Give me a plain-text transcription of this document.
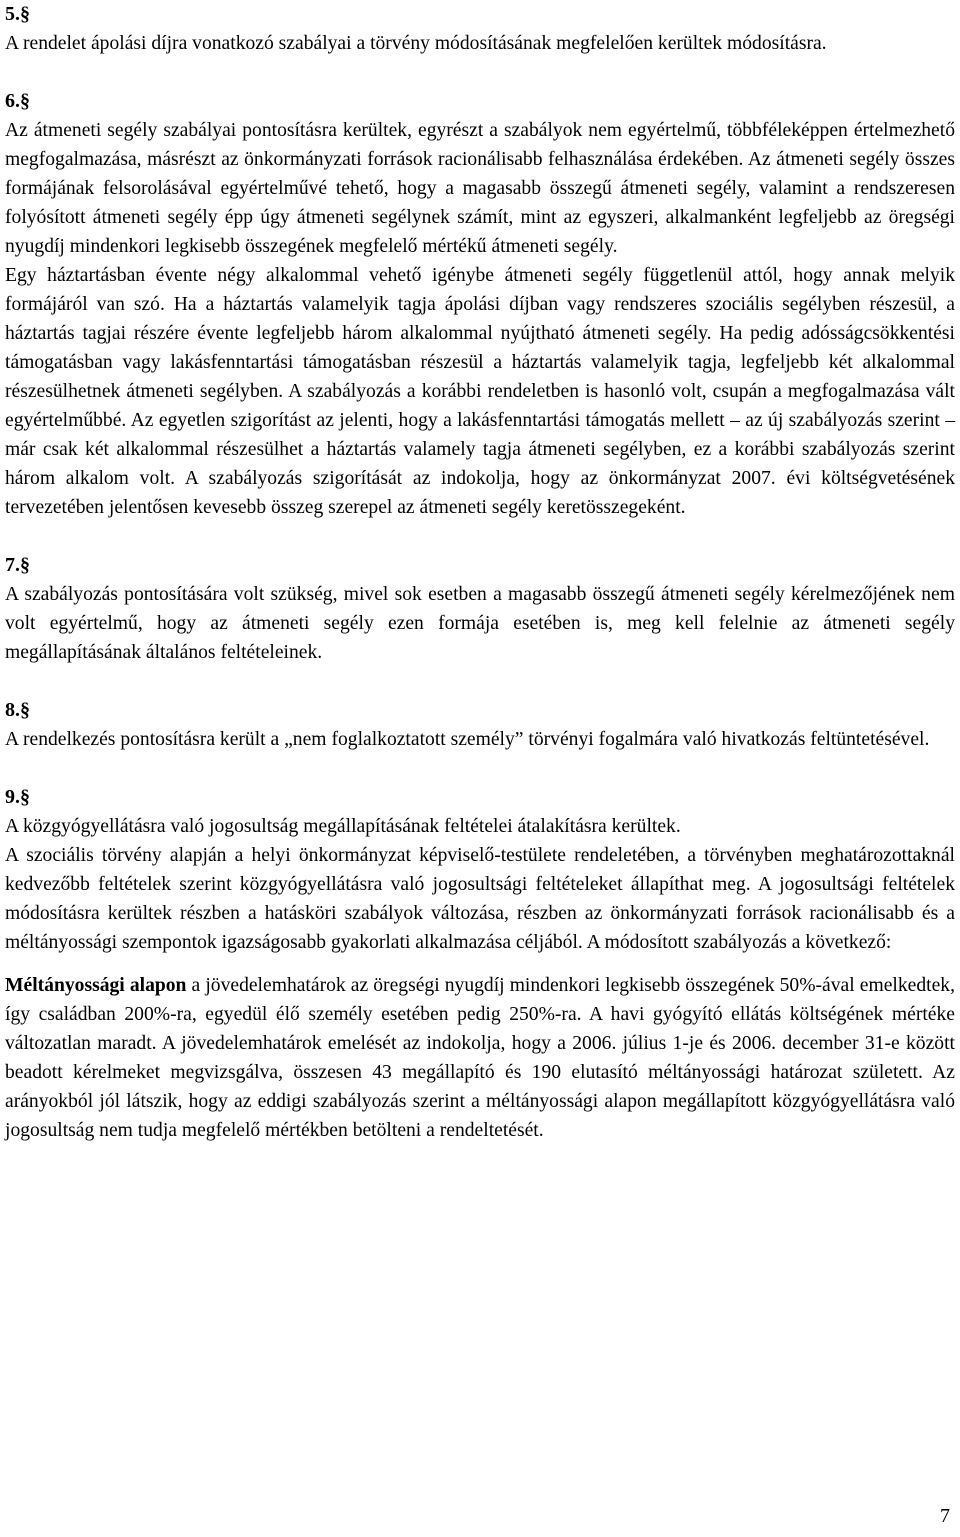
5.§

A rendelet ápolási díjra vonatkozó szabályai a törvény módosításának megfelelően kerültek módosításra.

6.§

Az átmeneti segély szabályai pontosításra kerültek, egyrészt a szabályok nem egyértelmű, többféleképpen értelmezhető megfogalmazása, másrészt az önkormányzati források racionálisabb felhasználása érdekében. Az átmeneti segély összes formájának felsorolásával egyértelművé tehető, hogy a magasabb összegű átmeneti segély, valamint a rendszeresen folyósított átmeneti segély épp úgy átmeneti segélynek számít, mint az egyszeri, alkalmanként legfeljebb az öregségi nyugdíj mindenkori legkisebb összegének megfelelő mértékű átmeneti segély.

Egy háztartásban évente négy alkalommal vehető igénybe átmeneti segély függetlenül attól, hogy annak melyik formájáról van szó. Ha a háztartás valamelyik tagja ápolási díjban vagy rendszeres szociális segélyben részesül, a háztartás tagjai részére évente legfeljebb három alkalommal nyújtható átmeneti segély. Ha pedig adósságcsökkentési támogatásban vagy lakásfenntartási támogatásban részesül a háztartás valamelyik tagja, legfeljebb két alkalommal részesülhetnek átmeneti segélyben. A szabályozás a korábbi rendeletben is hasonló volt, csupán a megfogalmazása vált egyértelműbbé. Az egyetlen szigorítást az jelenti, hogy a lakásfenntartási támogatás mellett – az új szabályozás szerint – már csak két alkalommal részesülhet a háztartás valamely tagja átmeneti segélyben, ez a korábbi szabályozás szerint három alkalom volt. A szabályozás szigorítását az indokolja, hogy az önkormányzat 2007. évi költségvetésének tervezetében jelentősen kevesebb összeg szerepel az átmeneti segély keretösszegeként.

7.§

A szabályozás pontosítására volt szükség, mivel sok esetben a magasabb összegű átmeneti segély kérelmezőjének nem volt egyértelmű, hogy az átmeneti segély ezen formája esetében is, meg kell felelnie az átmeneti segély megállapításának általános feltételeinek.

8.§

A rendelkezés pontosításra került a „nem foglalkoztatott személy” törvényi fogalmára való hivatkozás feltüntetésével.

9.§

A közgyógyellátásra való jogosultság megállapításának feltételei átalakításra kerültek.

A szociális törvény alapján a helyi önkormányzat képviselő-testülete rendeletében, a törvényben meghatározottaknál kedvezőbb feltételek szerint közgyógyellátásra való jogosultsági feltételeket állapíthat meg. A jogosultsági feltételek módosításra kerültek részben a hatásköri szabályok változása, részben az önkormányzati források racionálisabb és a méltányossági szempontok igazságosabb gyakorlati alkalmazása céljából. A módosított szabályozás a következő:

Méltányossági alapon a jövedelemhatárok az öregségi nyugdíj mindenkori legkisebb összegének 50%-ával emelkedtek, így családban 200%-ra, egyedül élő személy esetében pedig 250%-ra. A havi gyógyító ellátás költségének mértéke változatlan maradt. A jövedelemhatárok emelését az indokolja, hogy a 2006. július 1-je és 2006. december 31-e között beadott kérelmeket megvizsgálva, összesen 43 megállapító és 190 elutasító méltányossági határozat született. Az arányokból jól látszik, hogy az eddigi szabályozás szerint a méltányossági alapon megállapított közgyógyellátásra való jogosultság nem tudja megfelelő mértékben betölteni a rendeltetését.

7
